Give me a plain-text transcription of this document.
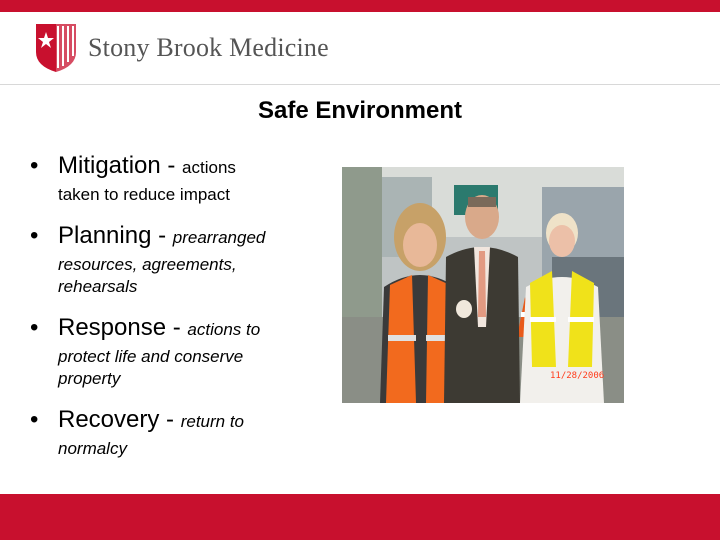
Stony Brook Medicine
Safe Environment
• Mitigation - actions
taken to reduce impact
• Planning - prearranged
resources, agreements, rehearsals
• Response - actions to
protect life and conserve property
• Recovery - return to
normalcy
11/28/2006
